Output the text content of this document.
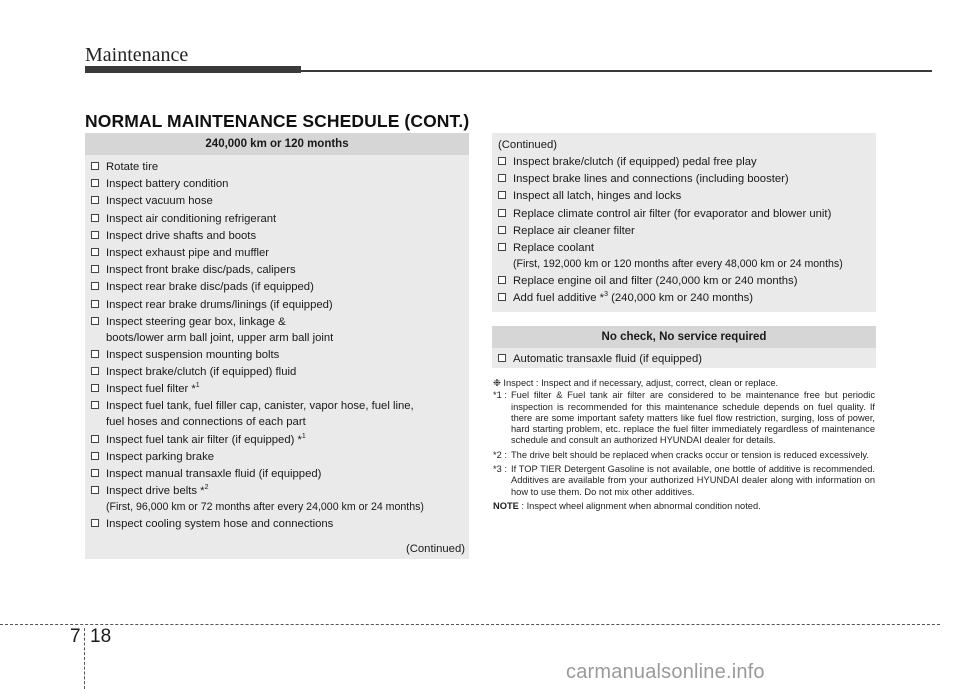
Maintenance
NORMAL MAINTENANCE SCHEDULE (CONT.)
240,000 km or 120 months
Rotate tire
Inspect battery condition
Inspect vacuum hose
Inspect air conditioning refrigerant
Inspect drive shafts and boots
Inspect exhaust pipe and muffler
Inspect front brake disc/pads, calipers
Inspect rear brake disc/pads (if equipped)
Inspect rear brake drums/linings (if equipped)
Inspect steering gear box, linkage &
boots/lower arm ball joint, upper arm ball joint
Inspect suspension mounting bolts
Inspect brake/clutch (if equipped) fluid
Inspect fuel filter *$^1$
Inspect fuel tank, fuel filler cap, canister, vapor hose, fuel line,
fuel hoses and connections of each part
Inspect fuel tank air filter (if equipped) *$^1$
Inspect parking brake
Inspect manual transaxle fluid (if equipped)
Inspect drive belts *$^2$
(First, 96,000 km or 72 months after every 24,000 km or 24 months)
Inspect cooling system hose and connections
(Continued)
(Continued)
Inspect brake/clutch (if equipped) pedal free play
Inspect brake lines and connections (including booster)
Inspect all latch, hinges and locks
Replace climate control air filter (for evaporator and blower unit)
Replace air cleaner filter
Replace coolant
(First, 192,000 km or 120 months after every 48,000 km or 24 months)
Replace engine oil and filter (240,000 km or 240 months)
Add fuel additive *$^3$ (240,000 km or 240 months)
No check, No service required
Automatic transaxle fluid (if equipped)
❉ Inspect : Inspect and if necessary, adjust, correct, clean or replace.
*1 : Fuel filter & Fuel tank air filter are considered to be maintenance free but periodic inspection is recommended for this maintenance schedule depends on fuel quality. If there are some important safety matters like fuel flow restriction, surging, loss of power, hard starting problem, etc. replace the fuel filter immediately regardless of maintenance schedule and consult an authorized HYUNDAI dealer for details.
*2 : The drive belt should be replaced when cracks occur or tension is reduced excessively.
*3 : If TOP TIER Detergent Gasoline is not available, one bottle of additive is recommended. Additives are available from your authorized HYUNDAI dealer along with information on how to use them. Do not mix other additives.
NOTE : Inspect wheel alignment when abnormal condition noted.
7 18
carmanualsonline.info
